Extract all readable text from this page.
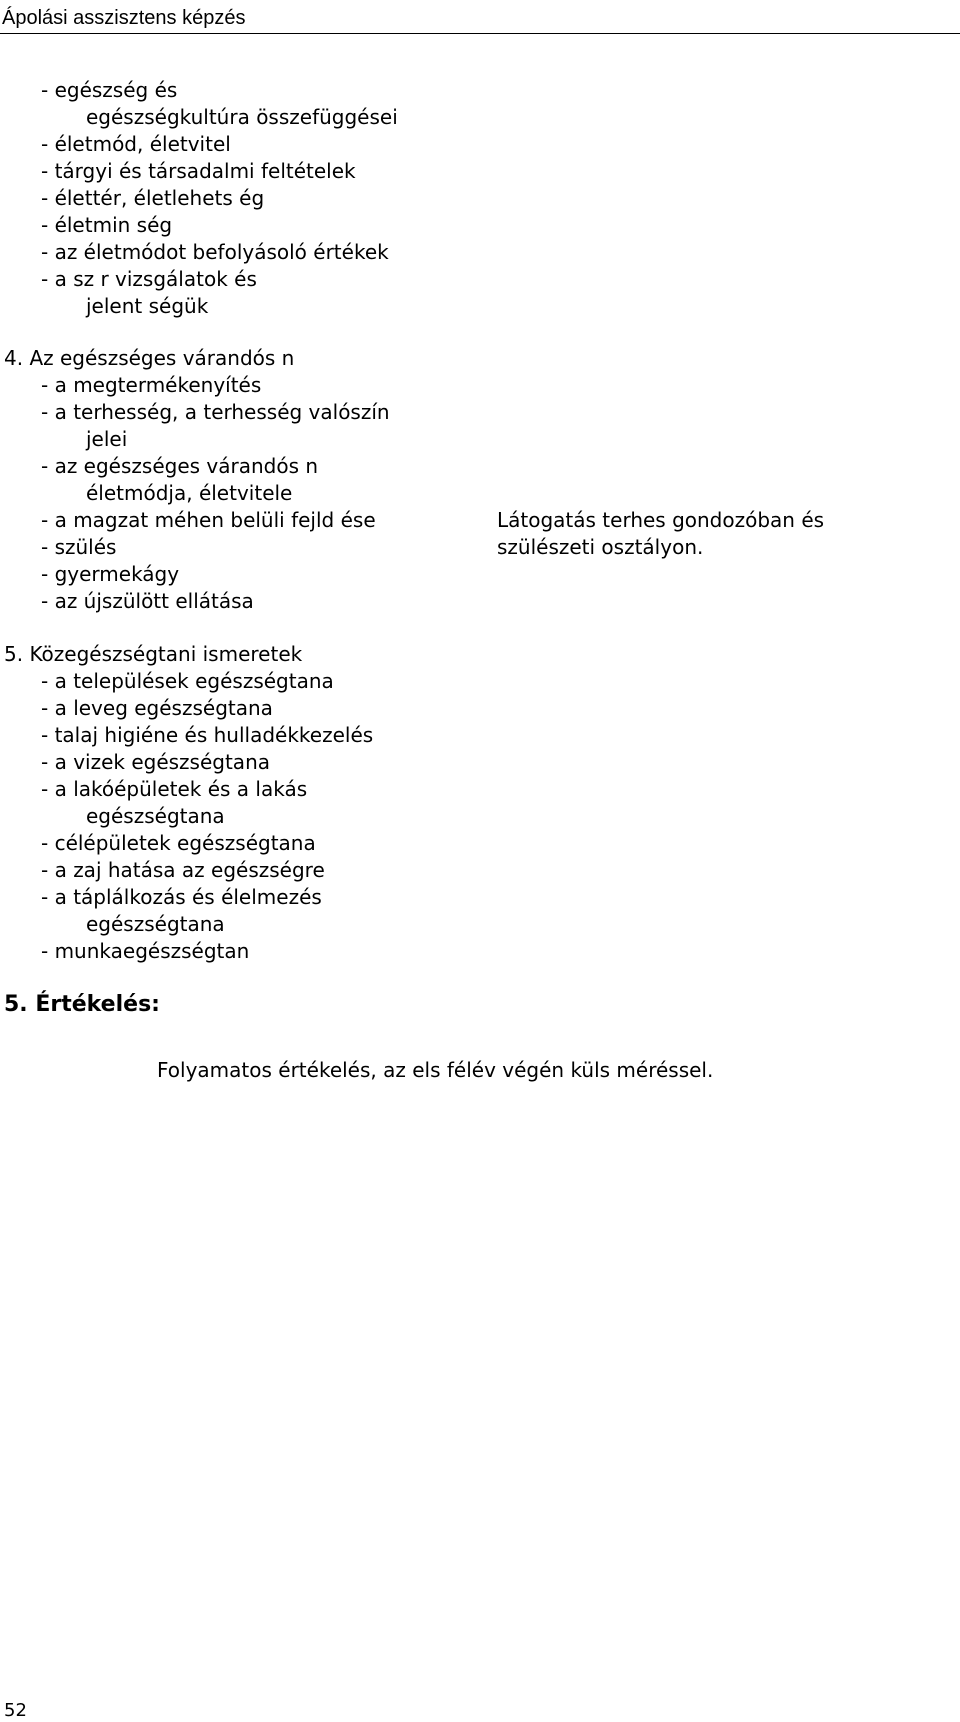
Ápolási asszisztens képzés
- egészség és
egészségkultúra összefüggései
- életmód, életvitel
- tárgyi és társadalmi feltételek
- élettér, életlehets ég
- életmin ség
- az életmódot befolyásoló értékek
- a sz r vizsgálatok és
jelent ségük
4. Az egészséges várandós n
- a megtermékenyítés
- a terhesség, a terhesség valószín
jelei
- az egészséges várandós n
életmódja, életvitele
- a magzat méhen belüli fejld ése
- szülés
- gyermekágy
- az újszülött ellátása
Látogatás terhes gondozóban és
szülészeti osztályon.
5. Közegészségtani ismeretek
- a települések egészségtana
- a leveg egészségtana
- talaj higiéne és hulladékkezelés
- a vizek egészségtana
- a lakóépületek és a lakás
egészségtana
- célépületek egészségtana
- a zaj hatása az egészségre
- a táplálkozás és élelmezés
egészségtana
- munkaegészségtan
5. Értékelés:
Folyamatos értékelés, az els félév végén küls méréssel.
52
